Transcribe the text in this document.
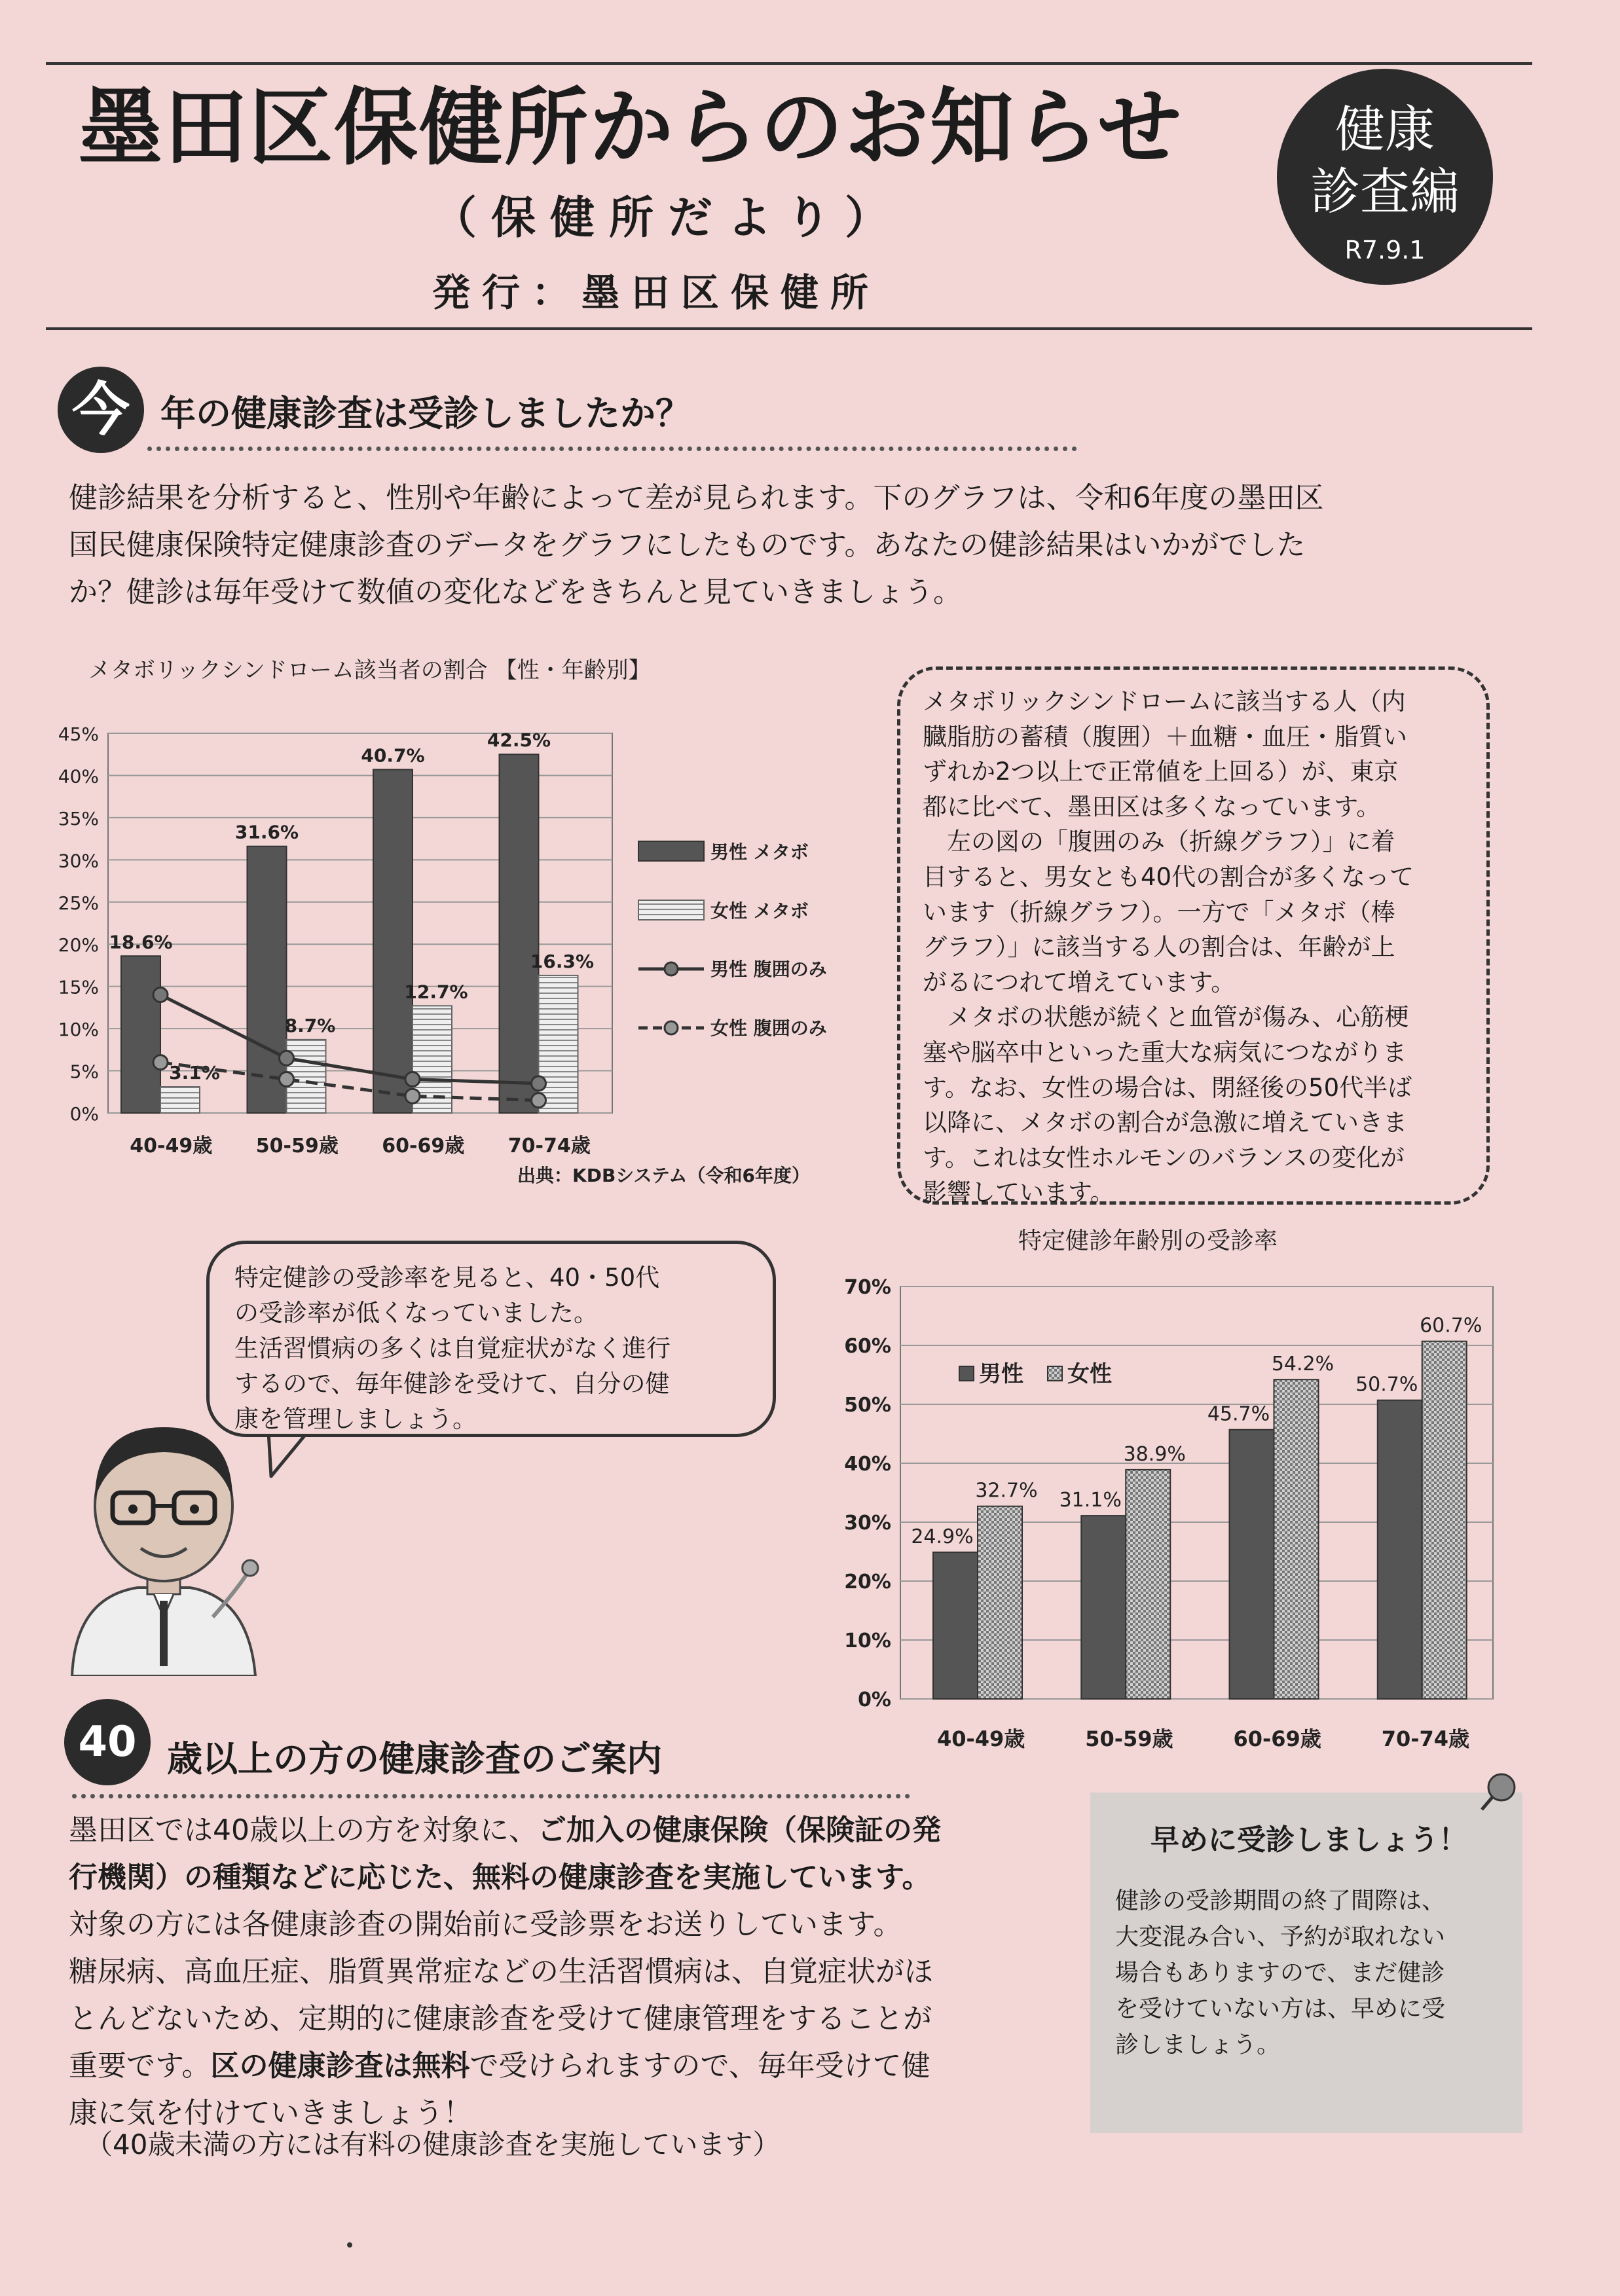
墨田区保健所からのお知らせ
（保健所だより）
発行：墨田区保健所
健康
診査編
R7.9.1
今 年の健康診査は受診しましたか？

健診結果を分析すると、性別や年齢によって差が見られます。下のグラフは、令和6年度の墨田区

国民健康保険特定健康診査のデータをグラフにしたものです。あなたの健診結果はいかがでした

か？健診は毎年受けて数値の変化などをきちんと見ていきましょう。

メタボリックシンドローム該当者の割合 【性・年齢別】
0%
5%
10%
15%
20%
25%
30%
35%
40%
45%
40-49歳
18.6%
3.1%
50-59歳
31.6%
8.7%
60-69歳
40.7%
12.7%
70-74歳
42.5%
16.3%
男性 メタボ
女性 メタボ
男性 腹囲のみ
女性 腹囲のみ
出典：KDBシステム（令和6年度）

メタボリックシンドロームに該当する人（内

臓脂肪の蓄積（腹囲）＋血糖・血圧・脂質い

ずれか2つ以上で正常値を上回る）が、東京

都に比べて、墨田区は多くなっています。

　左の図の「腹囲のみ（折線グラフ）」に着

目すると、男女とも40代の割合が多くなって

います（折線グラフ）。一方で「メタボ（棒

グラフ）」に該当する人の割合は、年齢が上

がるにつれて増えています。

　メタボの状態が続くと血管が傷み、心筋梗

塞や脳卒中といった重大な病気につながりま

す。なお、女性の場合は、閉経後の50代半ば

以降に、メタボの割合が急激に増えていきま

す。これは女性ホルモンのバランスの変化が

影響しています。

特定健診の受診率を見ると、40・50代

の受診率が低くなっていました。

生活習慣病の多くは自覚症状がなく進行

するので、毎年健診を受けて、自分の健

康を管理しましょう。

特定健診年齢別の受診率
0%
10%
20%
30%
40%
50%
60%
70%
40-49歳
24.9%
32.7%
50-59歳
31.1%
38.9%
60-69歳
45.7%
54.2%
70-74歳
50.7%
60.7%
男性 女性
40 歳以上の方の健康診査のご案内

墨田区では40歳以上の方を対象に、ご加入の健康保険（保険証の発

行機関）の種類などに応じた、無料の健康診査を実施しています。

対象の方には各健康診査の開始前に受診票をお送りしています。

糖尿病、高血圧症、脂質異常症などの生活習慣病は、自覚症状がほ

とんどないため、定期的に健康診査を受けて健康管理をすることが

重要です。区の健康診査は無料で受けられますので、毎年受けて健

康に気を付けていきましょう！

（40歳未満の方には有料の健康診査を実施しています）
早めに受診しましょう！

健診の受診期間の終了間際は、

大変混み合い、予約が取れない

場合もありますので、まだ健診

を受けていない方は、早めに受

診しましょう。
